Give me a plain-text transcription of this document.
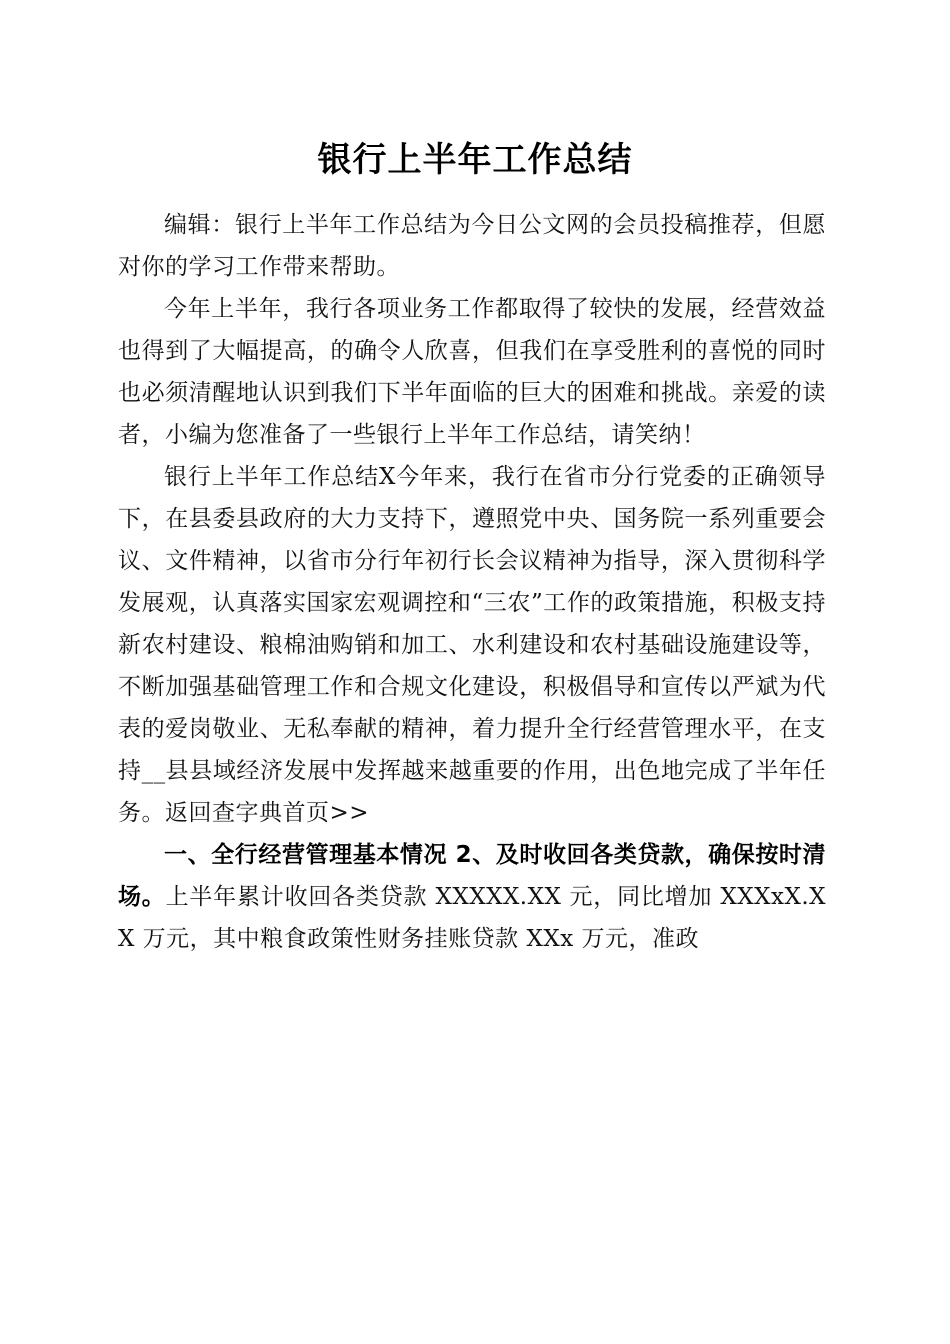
银行上半年工作总结

编辑：银行上半年工作总结为今日公文网的会员投稿推荐，但愿对你的学习工作带来帮助。

今年上半年，我行各项业务工作都取得了较快的发展，经营效益也得到了大幅提高，的确令人欣喜，但我们在享受胜利的喜悦的同时也必须清醒地认识到我们下半年面临的巨大的困难和挑战。亲爱的读者，小编为您准备了一些银行上半年工作总结，请笑纳！

银行上半年工作总结X今年来，我行在省市分行党委的正确领导下，在县委县政府的大力支持下，遵照党中央、国务院一系列重要会议、文件精神，以省市分行年初行长会议精神为指导，深入贯彻科学发展观，认真落实国家宏观调控和“三农”工作的政策措施，积极支持新农村建设、粮棉油购销和加工、水利建设和农村基础设施建设等，不断加强基础管理工作和合规文化建设，积极倡导和宣传以严斌为代表的爱岗敬业、无私奉献的精神，着力提升全行经营管理水平，在支持__县县域经济发展中发挥越来越重要的作用，出色地完成了半年任务。返回查字典首页>>

一、全行经营管理基本情况 2、及时收回各类贷款，确保按时清场。上半年累计收回各类贷款 XXXXX.XX 元，同比增加 XXXxX.XX 万元，其中粮食政策性财务挂账贷款 XXx 万元，准政
